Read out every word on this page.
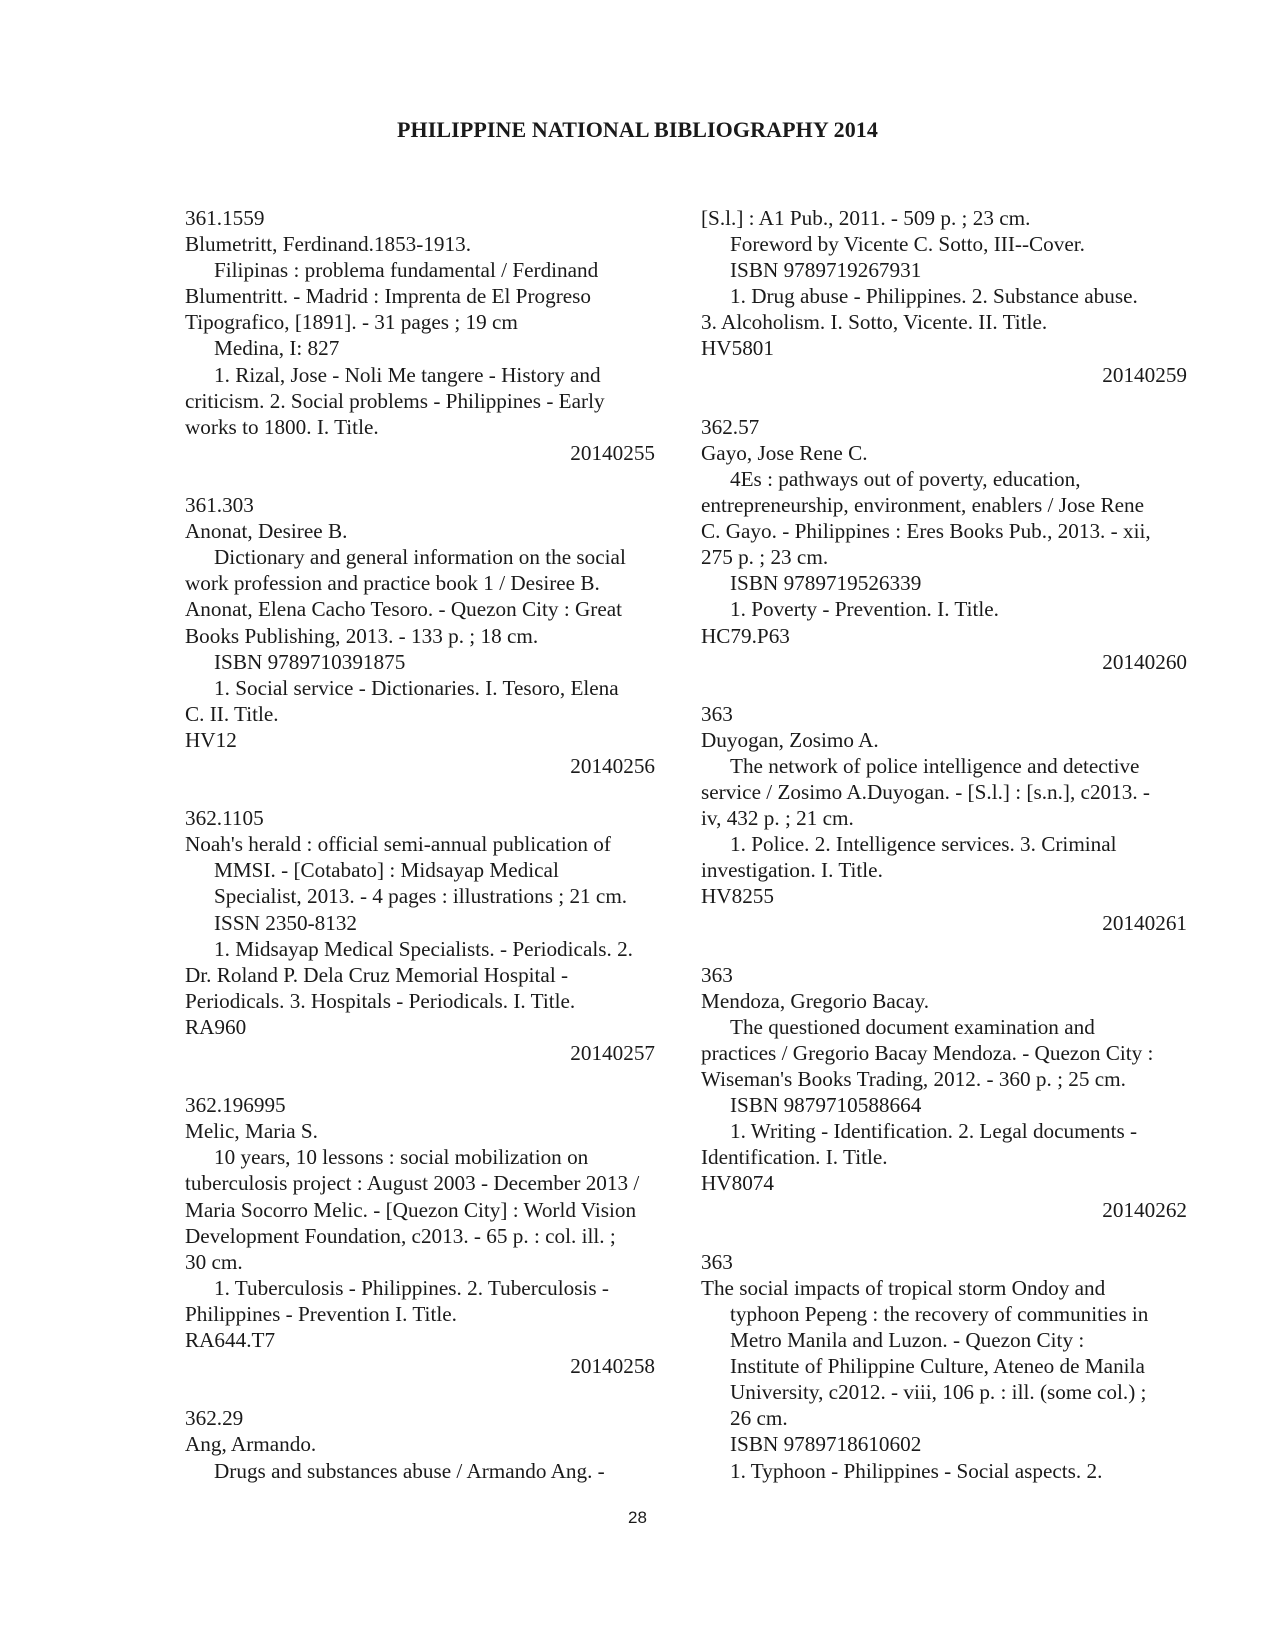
PHILIPPINE NATIONAL BIBLIOGRAPHY 2014
361.1559
Blumetritt, Ferdinand.1853-1913.
Filipinas : problema fundamental / Ferdinand
Blumentritt. - Madrid : Imprenta de El Progreso
Tipografico, [1891]. - 31 pages ; 19 cm
Medina, I: 827
1. Rizal, Jose - Noli Me tangere - History and
criticism. 2. Social problems - Philippines - Early
works to 1800. I. Title.
20140255
361.303
Anonat, Desiree B.
Dictionary and general information on the social
work profession and practice book 1 / Desiree B.
Anonat, Elena Cacho Tesoro. - Quezon City : Great
Books Publishing, 2013. - 133 p. ; 18 cm.
ISBN 9789710391875
1. Social service - Dictionaries. I. Tesoro, Elena
C. II. Title.
HV12
20140256
362.1105
Noah's herald : official semi-annual publication of
MMSI. - [Cotabato] : Midsayap Medical
Specialist, 2013. - 4 pages : illustrations ; 21 cm.
ISSN 2350-8132
1. Midsayap Medical Specialists. - Periodicals. 2.
Dr. Roland P. Dela Cruz Memorial Hospital -
Periodicals. 3. Hospitals - Periodicals. I. Title.
RA960
20140257
362.196995
Melic, Maria S.
10 years, 10 lessons : social mobilization on
tuberculosis project : August 2003 - December 2013 /
Maria Socorro Melic. - [Quezon City] : World Vision
Development Foundation, c2013. - 65 p. : col. ill. ;
30 cm.
1. Tuberculosis - Philippines. 2. Tuberculosis -
Philippines - Prevention I. Title.
RA644.T7
20140258
362.29
Ang, Armando.
Drugs and substances abuse / Armando Ang. -
[S.l.] : A1 Pub., 2011. - 509 p. ; 23 cm.
Foreword by Vicente C. Sotto, III--Cover.
ISBN 9789719267931
1. Drug abuse - Philippines. 2. Substance abuse.
3. Alcoholism. I. Sotto, Vicente. II. Title.
HV5801
20140259
362.57
Gayo, Jose Rene C.
4Es : pathways out of poverty, education,
entrepreneurship, environment, enablers / Jose Rene
C. Gayo. - Philippines : Eres Books Pub., 2013. - xii,
275 p. ; 23 cm.
ISBN 9789719526339
1. Poverty - Prevention. I. Title.
HC79.P63
20140260
363
Duyogan, Zosimo A.
The network of police intelligence and detective
service / Zosimo A.Duyogan. - [S.l.] : [s.n.], c2013. -
iv, 432 p. ; 21 cm.
1. Police. 2. Intelligence services. 3. Criminal
investigation. I. Title.
HV8255
20140261
363
Mendoza, Gregorio Bacay.
The questioned document examination and
practices / Gregorio Bacay Mendoza. - Quezon City :
Wiseman's Books Trading, 2012. - 360 p. ; 25 cm.
ISBN 9879710588664
1. Writing - Identification. 2. Legal documents -
Identification. I. Title.
HV8074
20140262
363
The social impacts of tropical storm Ondoy and
typhoon Pepeng : the recovery of communities in
Metro Manila and Luzon. - Quezon City :
Institute of Philippine Culture, Ateneo de Manila
University, c2012. - viii, 106 p. : ill. (some col.) ;
26 cm.
ISBN 9789718610602
1. Typhoon - Philippines - Social aspects. 2.
28
